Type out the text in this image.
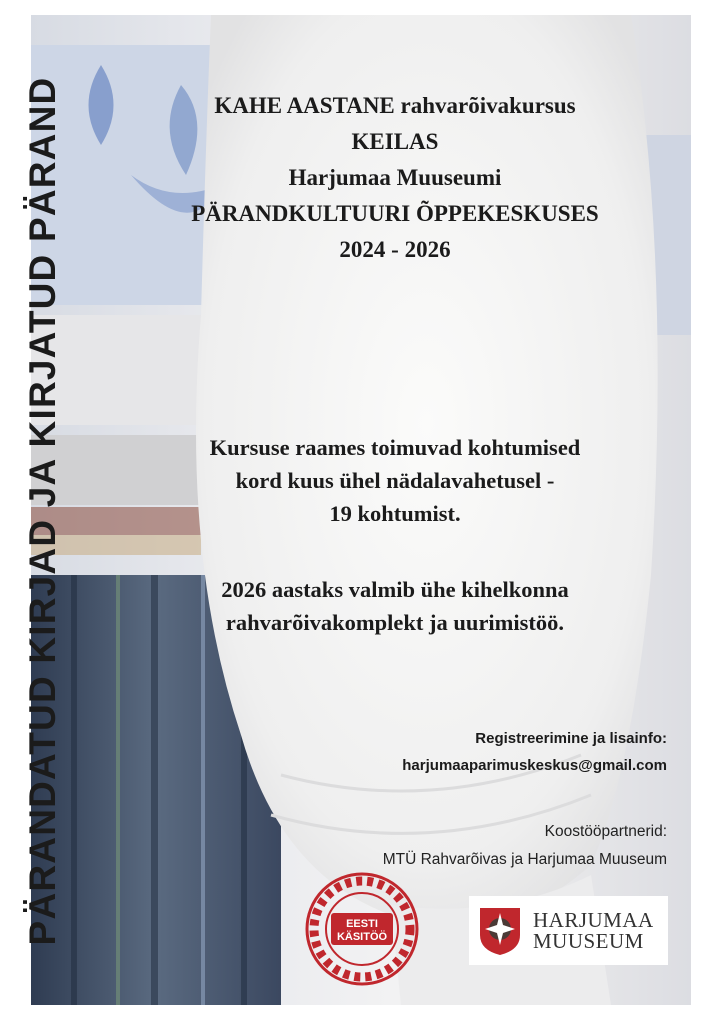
EESTI
KÄSITÖÖ
HARJUMAA
MUUSEUM
PÄRANDATUD KIRJAD JA KIRJATUD PÄRAND	KAHE AASTANE rahvarõivakursus
KEILAS
Harjumaa Muuseumi
PÄRANDKULTUURI ÕPPEKESKUSES
2024 - 2026
Kursuse raames toimuvad kohtumised
kord kuus ühel nädalavahetusel -
19 kohtumist.
2026 aastaks valmib ühe kihelkonna
rahvarõivakomplekt ja uurimistöö.
Registreerimine ja lisainfo:
harjumaaparimuskeskus@gmail.com
Koostööpartnerid:
MTÜ Rahvarõivas ja Harjumaa Muuseum
